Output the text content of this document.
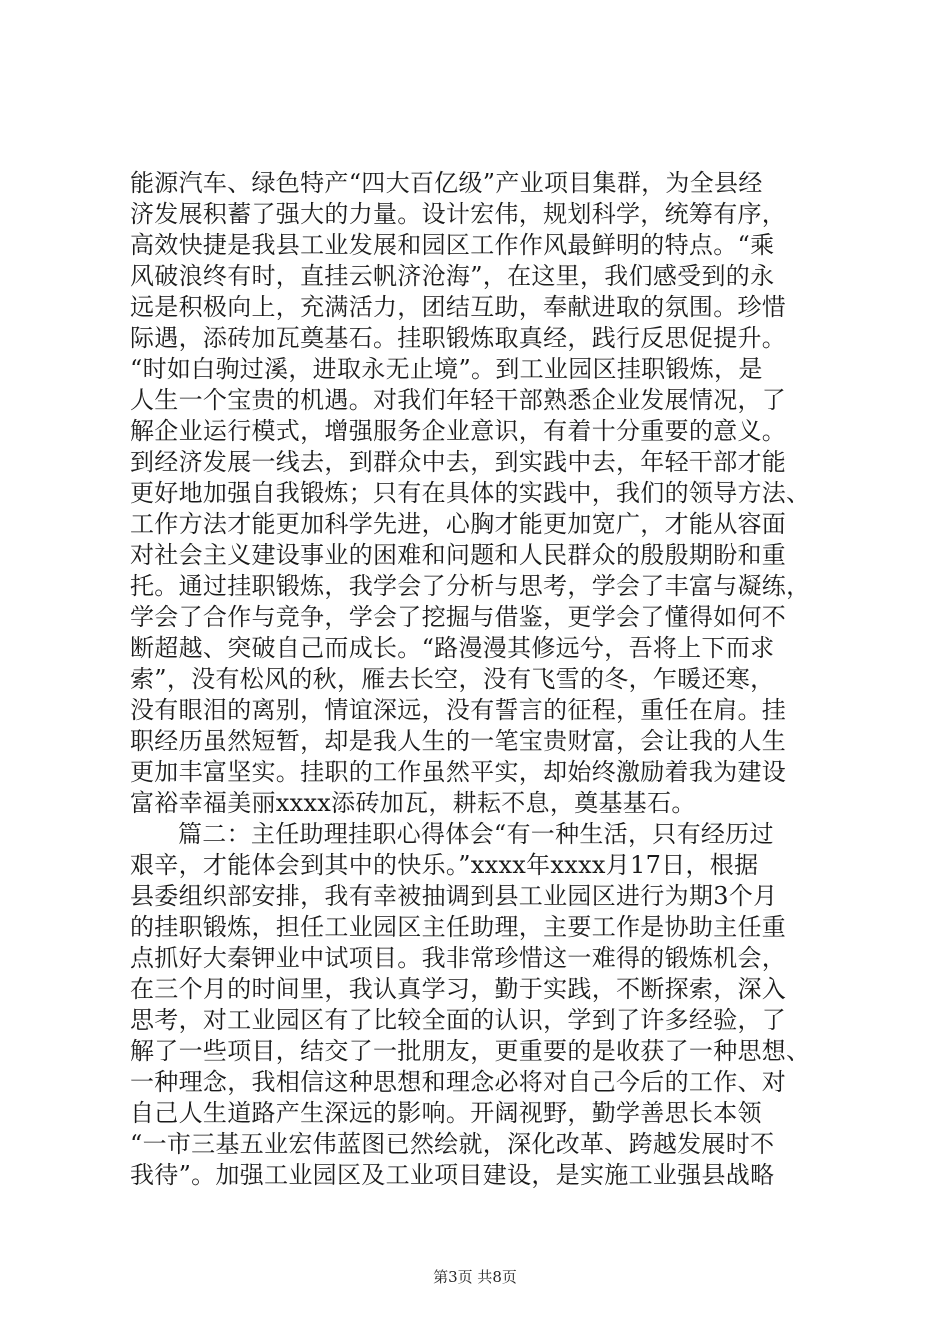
能源汽车、绿色特产“四大百亿级”产业项目集群，为全县经
济发展积蓄了强大的力量。设计宏伟，规划科学，统筹有序，
高效快捷是我县工业发展和园区工作作风最鲜明的特点。“乘
风破浪终有时，直挂云帆济沧海”，在这里，我们感受到的永
远是积极向上，充满活力，团结互助，奉献进取的氛围。珍惜
际遇，添砖加瓦奠基石。挂职锻炼取真经，践行反思促提升。
“时如白驹过溪，进取永无止境”。到工业园区挂职锻炼，是
人生一个宝贵的机遇。对我们年轻干部熟悉企业发展情况，了
解企业运行模式，增强服务企业意识，有着十分重要的意义。
到经济发展一线去，到群众中去，到实践中去，年轻干部才能
更好地加强自我锻炼；只有在具体的实践中，我们的领导方法、
工作方法才能更加科学先进，心胸才能更加宽广，才能从容面
对社会主义建设事业的困难和问题和人民群众的殷殷期盼和重
托。通过挂职锻炼，我学会了分析与思考，学会了丰富与凝练，
学会了合作与竞争，学会了挖掘与借鉴，更学会了懂得如何不
断超越、突破自己而成长。“路漫漫其修远兮，吾将上下而求
索”，没有松风的秋，雁去长空，没有飞雪的冬，乍暖还寒，
没有眼泪的离别，情谊深远，没有誓言的征程，重任在肩。挂
职经历虽然短暂，却是我人生的一笔宝贵财富，会让我的人生
更加丰富坚实。挂职的工作虽然平实，却始终激励着我为建设
富裕幸福美丽xxxx添砖加瓦，耕耘不息，奠基基石。
篇二：主任助理挂职心得体会“有一种生活，只有经历过
艰辛，才能体会到其中的快乐。”xxxx年xxxx月17日，根据
县委组织部安排，我有幸被抽调到县工业园区进行为期3个月
的挂职锻炼，担任工业园区主任助理，主要工作是协助主任重
点抓好大秦钾业中试项目。我非常珍惜这一难得的锻炼机会，
在三个月的时间里，我认真学习，勤于实践，不断探索，深入
思考，对工业园区有了比较全面的认识，学到了许多经验，了
解了一些项目，结交了一批朋友，更重要的是收获了一种思想、
一种理念，我相信这种思想和理念必将对自己今后的工作、对
自己人生道路产生深远的影响。开阔视野，勤学善思长本领
“一市三基五业宏伟蓝图已然绘就，深化改革、跨越发展时不
我待”。加强工业园区及工业项目建设，是实施工业强县战略
第3页 共8页
